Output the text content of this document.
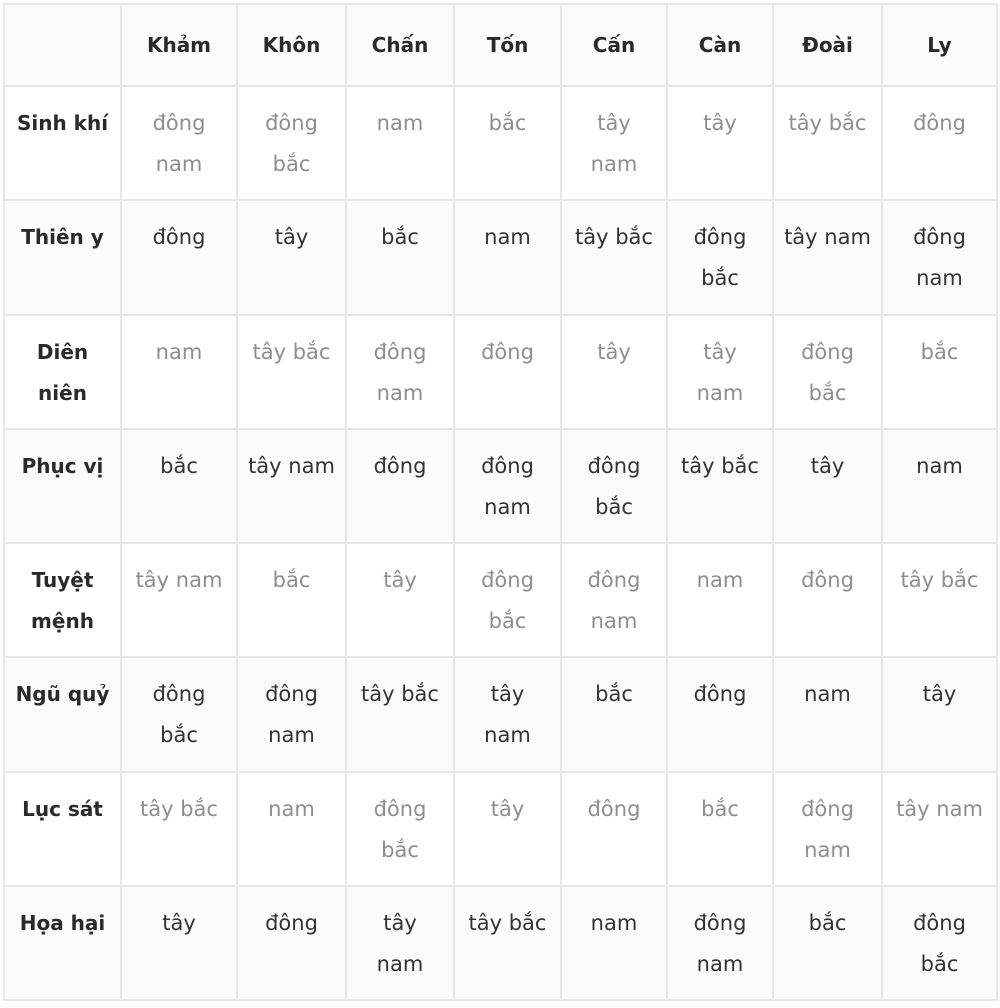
	Khảm	Khôn	Chấn	Tốn	Cấn	Càn	Đoài	Ly
Sinh khí	đông nam	đông bắc	nam	bắc	tây nam	tây	tây bắc	đông
Thiên y	đông	tây	bắc	nam	tây bắc	đông bắc	tây nam	đông nam
Diên niên	nam	tây bắc	đông nam	đông	tây	tây nam	đông bắc	bắc
Phục vị	bắc	tây nam	đông	đông nam	đông bắc	tây bắc	tây	nam
Tuyệt mệnh	tây nam	bắc	tây	đông bắc	đông nam	nam	đông	tây bắc
Ngũ quỷ	đông bắc	đông nam	tây bắc	tây nam	bắc	đông	nam	tây
Lục sát	tây bắc	nam	đông bắc	tây	đông	bắc	đông nam	tây nam
Họa hại	tây	đông	tây nam	tây bắc	nam	đông nam	bắc	đông bắc
